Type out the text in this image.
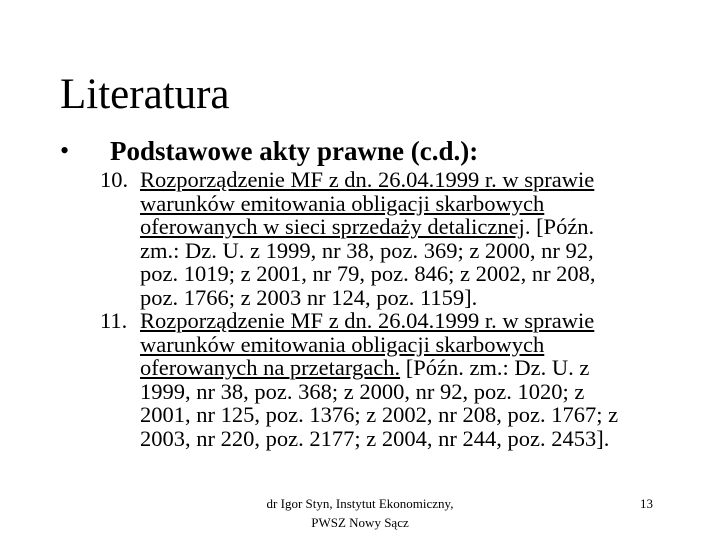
Literatura
• Podstawowe akty prawne (c.d.):
10. Rozporządzenie MF z dn. 26.04.1999 r. w sprawie
warunków emitowania obligacji skarbowych
oferowanych w sieci sprzedaży detalicznej. [Późn.
zm.: Dz. U. z 1999, nr 38, poz. 369; z 2000, nr 92,
poz. 1019; z 2001, nr 79, poz. 846; z 2002, nr 208,
poz. 1766; z 2003 nr 124, poz. 1159].
11. Rozporządzenie MF z dn. 26.04.1999 r. w sprawie
warunków emitowania obligacji skarbowych
oferowanych na przetargach. [Późn. zm.: Dz. U. z
1999, nr 38, poz. 368; z 2000, nr 92, poz. 1020; z
2001, nr 125, poz. 1376; z 2002, nr 208, poz. 1767; z
2003, nr 220, poz. 2177; z 2004, nr 244, poz. 2453].
dr Igor Styn, Instytut Ekonomiczny,
PWSZ Nowy Sącz
13
